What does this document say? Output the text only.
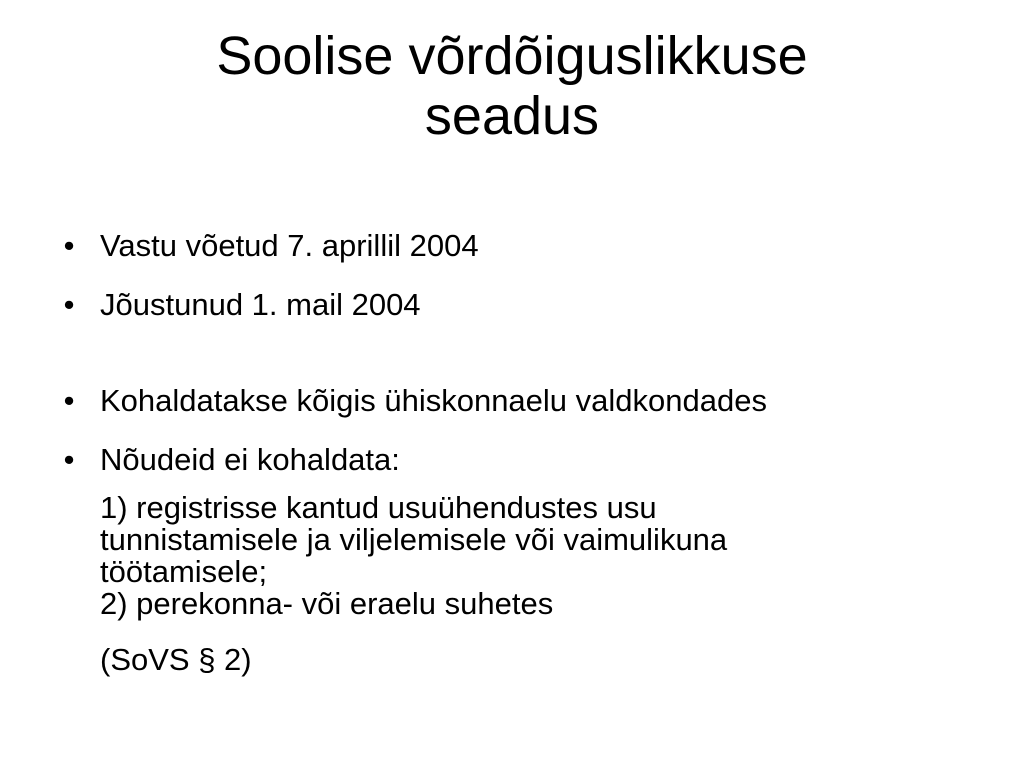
Soolise võrdõiguslikkuse
seadus
• Vastu võetud 7. aprillil 2004
• Jõustunud 1. mail 2004
• Kohaldatakse kõigis ühiskonnaelu valdkondades
• Nõudeid ei kohaldata:
1) registrisse kantud usuühendustes usu
tunnistamisele ja viljelemisele või vaimulikuna
töötamisele;
2) perekonna- või eraelu suhetes
(SoVS § 2)
